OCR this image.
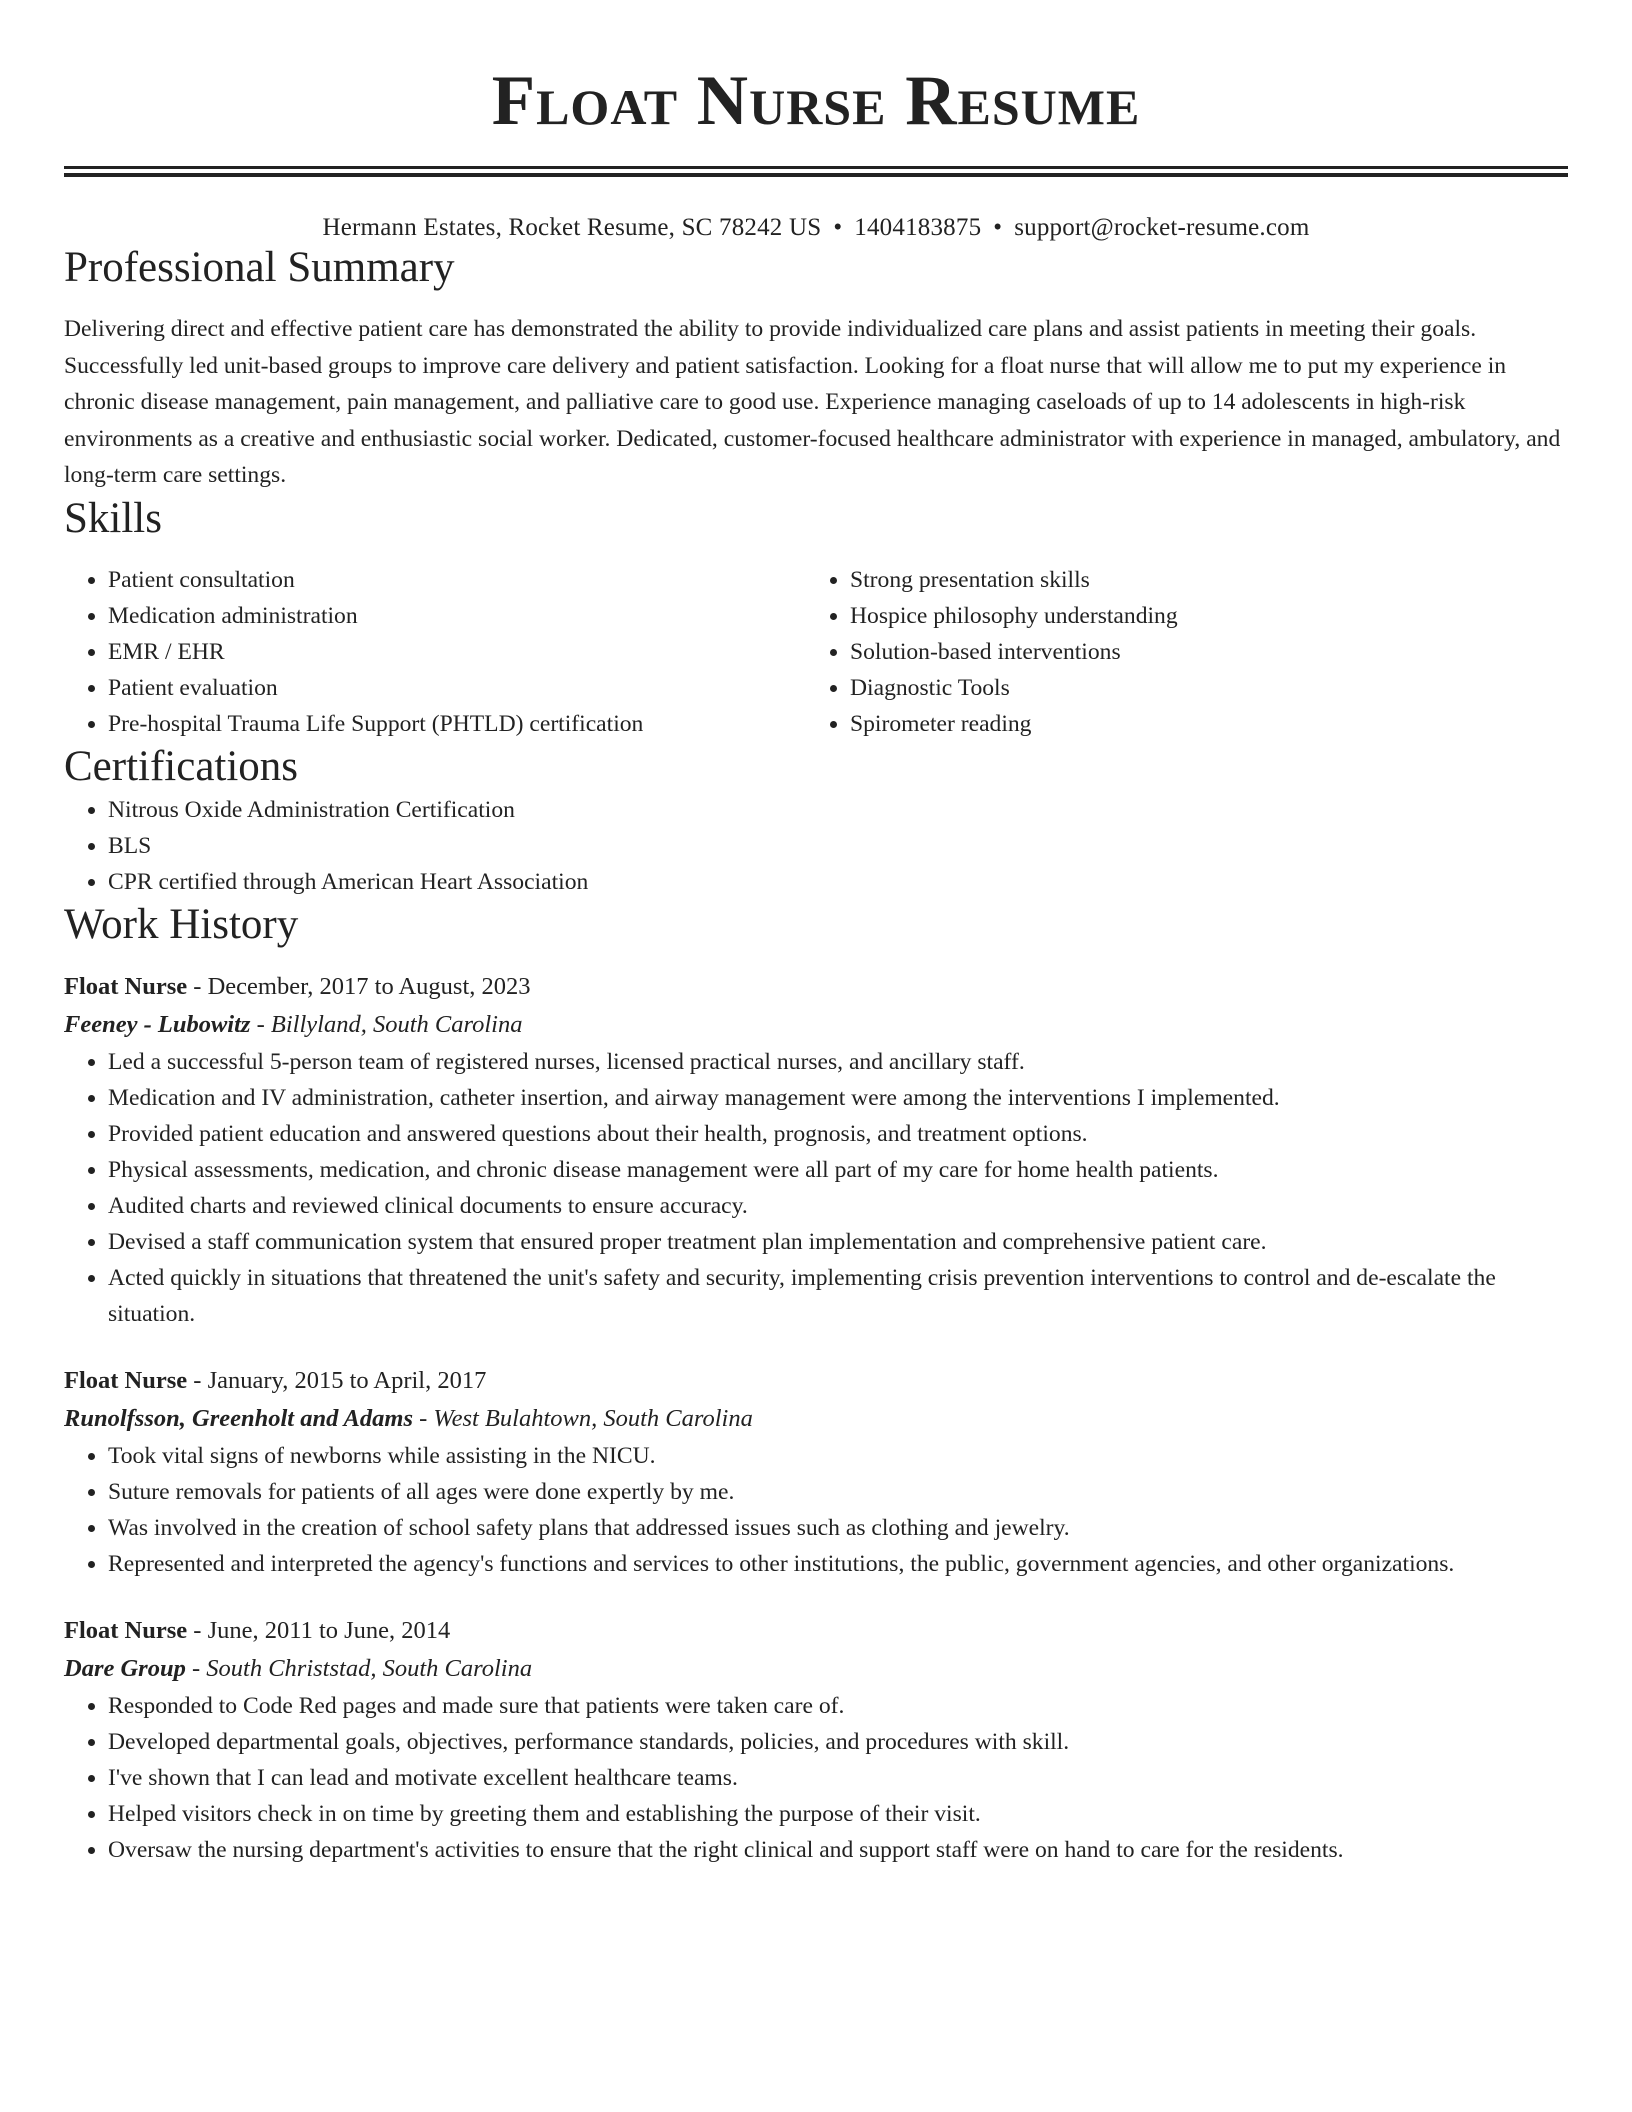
Float Nurse Resume
Hermann Estates, Rocket Resume, SC 78242 US • 1404183875 • support@rocket-resume.com
Professional Summary

Delivering direct and effective patient care has demonstrated the ability to provide individualized care plans and assist patients in meeting their goals. Successfully led unit-based groups to improve care delivery and patient satisfaction. Looking for a float nurse that will allow me to put my experience in chronic disease management, pain management, and palliative care to good use. Experience managing caseloads of up to 14 adolescents in high-risk environments as a creative and enthusiastic social worker. Dedicated, customer-focused healthcare administrator with experience in managed, ambulatory, and long-term care settings.

Skills
• Patient consultation
• Medication administration
• EMR / EHR
• Patient evaluation
• Pre-hospital Trauma Life Support (PHTLD) certification
• Strong presentation skills
• Hospice philosophy understanding
• Solution-based interventions
• Diagnostic Tools
• Spirometer reading
Certifications
• Nitrous Oxide Administration Certification
• BLS
• CPR certified through American Heart Association
Work History
Float Nurse - December, 2017 to August, 2023
Feeney - Lubowitz - Billyland, South Carolina
• Led a successful 5-person team of registered nurses, licensed practical nurses, and ancillary staff.
• Medication and IV administration, catheter insertion, and airway management were among the interventions I implemented.
• Provided patient education and answered questions about their health, prognosis, and treatment options.
• Physical assessments, medication, and chronic disease management were all part of my care for home health patients.
• Audited charts and reviewed clinical documents to ensure accuracy.
• Devised a staff communication system that ensured proper treatment plan implementation and comprehensive patient care.
• Acted quickly in situations that threatened the unit's safety and security, implementing crisis prevention interventions to control and de-escalate the situation.
Float Nurse - January, 2015 to April, 2017
Runolfsson, Greenholt and Adams - West Bulahtown, South Carolina
• Took vital signs of newborns while assisting in the NICU.
• Suture removals for patients of all ages were done expertly by me.
• Was involved in the creation of school safety plans that addressed issues such as clothing and jewelry.
• Represented and interpreted the agency's functions and services to other institutions, the public, government agencies, and other organizations.
Float Nurse - June, 2011 to June, 2014
Dare Group - South Christstad, South Carolina
• Responded to Code Red pages and made sure that patients were taken care of.
• Developed departmental goals, objectives, performance standards, policies, and procedures with skill.
• I've shown that I can lead and motivate excellent healthcare teams.
• Helped visitors check in on time by greeting them and establishing the purpose of their visit.
• Oversaw the nursing department's activities to ensure that the right clinical and support staff were on hand to care for the residents.
